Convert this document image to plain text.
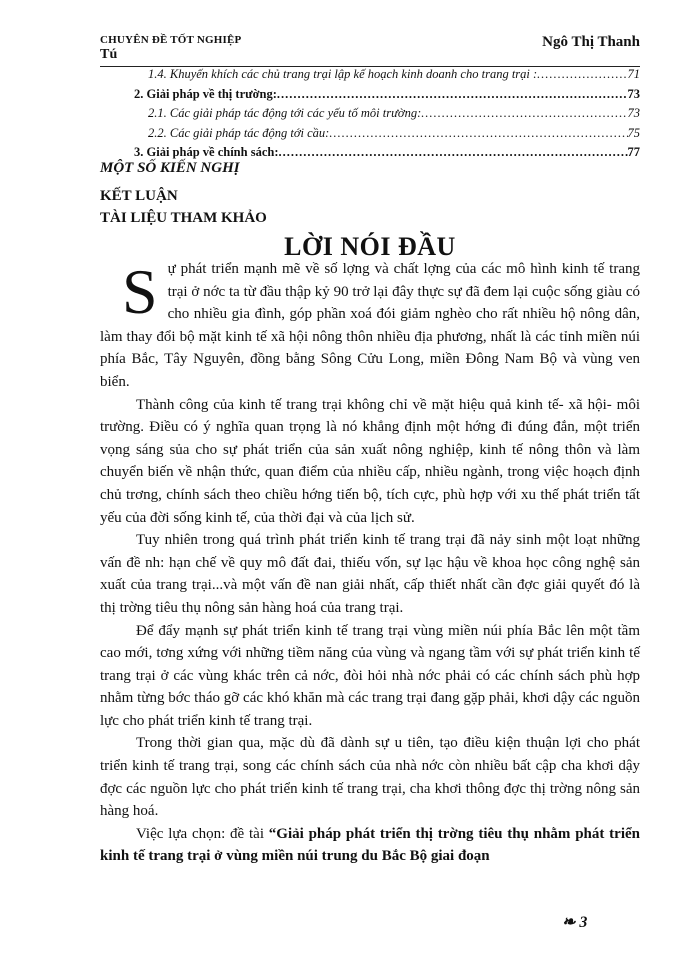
CHUYÊN ĐỀ TỐT NGHIỆP
Tú
Ngô Thị Thanh
1.4. Khuyến khích các chủ trang trại lập kế hoạch kinh doanh cho trang trại : .....	71
2. Giải pháp về thị trường: .....	73
2.1. Các giải pháp tác động tới các yếu tố môi trường: .....	73
2.2. Các giải pháp tác động tới cầu: .....	75
3. Giải pháp về chính sách: .....	77
MỘT SỐ KIẾN NGHỊ
KẾT LUẬN
TÀI LIỆU THAM KHẢO
LỜI NÓI ĐẦU

S ự phát triển mạnh mẽ về số lợng và chất lợng của các mô hình kinh tế trang trại ở nớc ta từ đầu thập kỷ 90 trở lại đây thực sự đã đem lại cuộc sống giàu có cho nhiều gia đình, góp phần xoá đói giảm nghèo cho rất nhiều hộ nông dân, làm thay đổi bộ mặt kinh tế xã hội nông thôn nhiều địa phương, nhất là các tỉnh miền núi phía Bắc, Tây Nguyên, đồng bằng Sông Cửu Long, miền Đông Nam Bộ và vùng ven biển.

Thành công của kinh tế trang trại không chỉ về mặt hiệu quả kinh tế- xã hội- môi trường. Điều có ý nghĩa quan trọng là nó khẳng định một hớng đi đúng đắn, một triển vọng sáng sủa cho sự phát triển của sản xuất nông nghiệp, kinh tế nông thôn và làm chuyển biến về nhận thức, quan điểm của nhiều cấp, nhiều ngành, trong việc hoạch định chủ trơng, chính sách theo chiều hớng tiến bộ, tích cực, phù hợp với xu thế phát triển tất yếu của đời sống kinh tế, của thời đại và của lịch sử.

Tuy nhiên trong quá trình phát triển kinh tế trang trại đã nảy sinh một loạt những vấn đề nh: hạn chế về quy mô đất đai, thiếu vốn, sự lạc hậu về khoa học công nghệ sản xuất của trang trại...và một vấn đề nan giải nhất, cấp thiết nhất cần đợc giải quyết đó là thị trờng tiêu thụ nông sản hàng hoá của trang trại.

Để đẩy mạnh sự phát triển kinh tế trang trại vùng miền núi phía Bắc lên một tầm cao mới, tơng xứng với những tiềm năng của vùng và ngang tầm với sự phát triển kinh tế trang trại ở các vùng khác trên cả nớc, đòi hỏi nhà nớc phải có các chính sách phù hợp nhằm từng bớc tháo gỡ các khó khăn mà các trang trại đang gặp phải, khơi dậy các nguồn lực cho phát triển kinh tế trang trại.

Trong thời gian qua, mặc dù đã dành sự u tiên, tạo điều kiện thuận lợi cho phát triển kinh tế trang trại, song các chính sách của nhà nớc còn nhiều bất cập cha khơi dậy đợc các nguồn lực cho phát triển kinh tế trang trại, cha khơi thông đợc thị trờng nông sản hàng hoá.

Việc lựa chọn: đề tài “Giải pháp phát triển thị trờng tiêu thụ nhằm phát triển kinh tế trang trại ở vùng miền núi trung du Bắc Bộ giai đoạn

❧ 3
